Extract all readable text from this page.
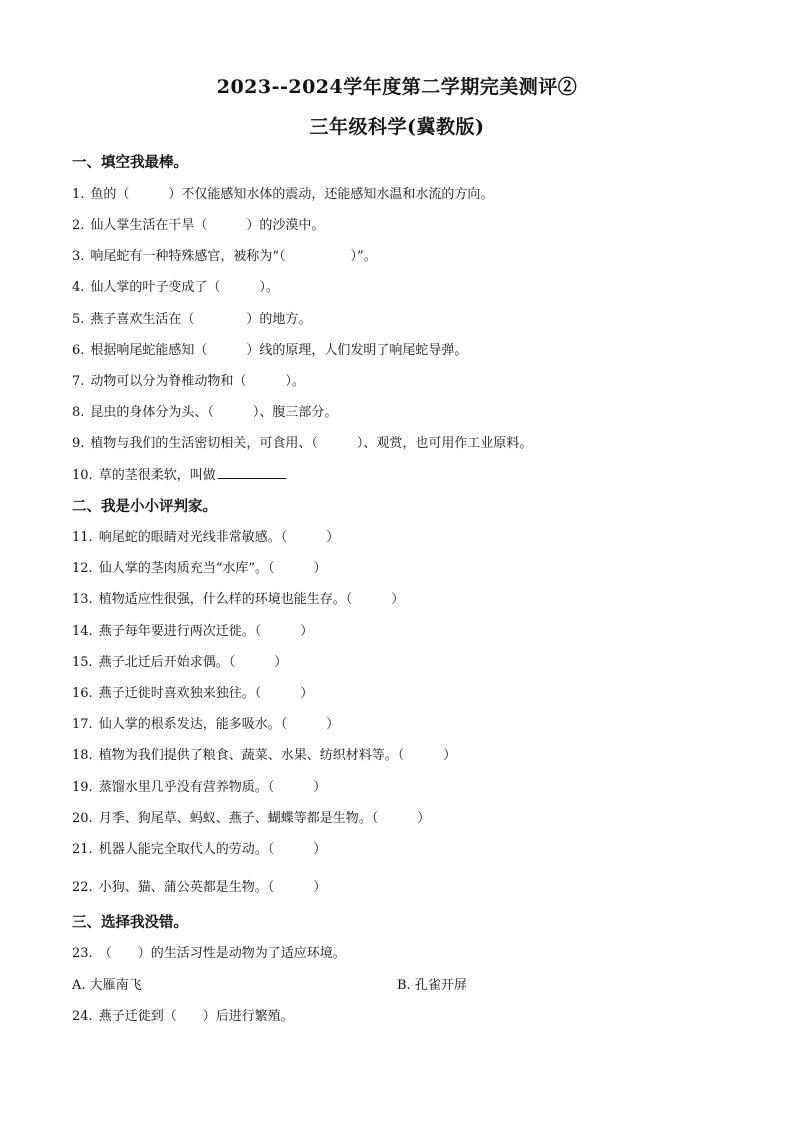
2023--2024学年度第二学期完美测评②
三年级科学(冀教版)
一、填空我最棒。
1. 鱼的（　　　）不仅能感知水体的震动，还能感知水温和水流的方向。
2. 仙人掌生活在干旱（　　　）的沙漠中。
3. 响尾蛇有一种特殊感官，被称为“（　　　　　）”。
4. 仙人掌的叶子变成了（　　　）。
5. 燕子喜欢生活在（　　　　）的地方。
6. 根据响尾蛇能感知（　　　）线的原理，人们发明了响尾蛇导弹。
7. 动物可以分为脊椎动物和（　　　）。
8. 昆虫的身体分为头、（　　　）、腹三部分。
9. 植物与我们的生活密切相关，可食用、（　　　）、观赏，也可用作工业原料。
10. 草的茎很柔软，叫做
二、我是小小评判家。
11. 响尾蛇的眼睛对光线非常敏感。（　　　）
12. 仙人掌的茎肉质充当“水库”。（　　　）
13. 植物适应性很强，什么样的环境也能生存。（　　　）
14. 燕子每年要进行两次迁徙。（　　　）
15. 燕子北迁后开始求偶。（　　　）
16. 燕子迁徙时喜欢独来独往。（　　　）
17. 仙人掌的根系发达，能多吸水。（　　　）
18. 植物为我们提供了粮食、蔬菜、水果、纺织材料等。（　　　）
19. 蒸馏水里几乎没有营养物质。（　　　）
20. 月季、狗尾草、蚂蚁、燕子、蝴蝶等都是生物。（　　　）
21. 机器人能完全取代人的劳动。（　　　）
22. 小狗、猫、蒲公英都是生物。（　　　）
三、选择我没错。
23. （　　）的生活习性是动物为了适应环境。
A. 大雁南飞	B. 孔雀开屏
24. 燕子迁徙到（　　）后进行繁殖。
